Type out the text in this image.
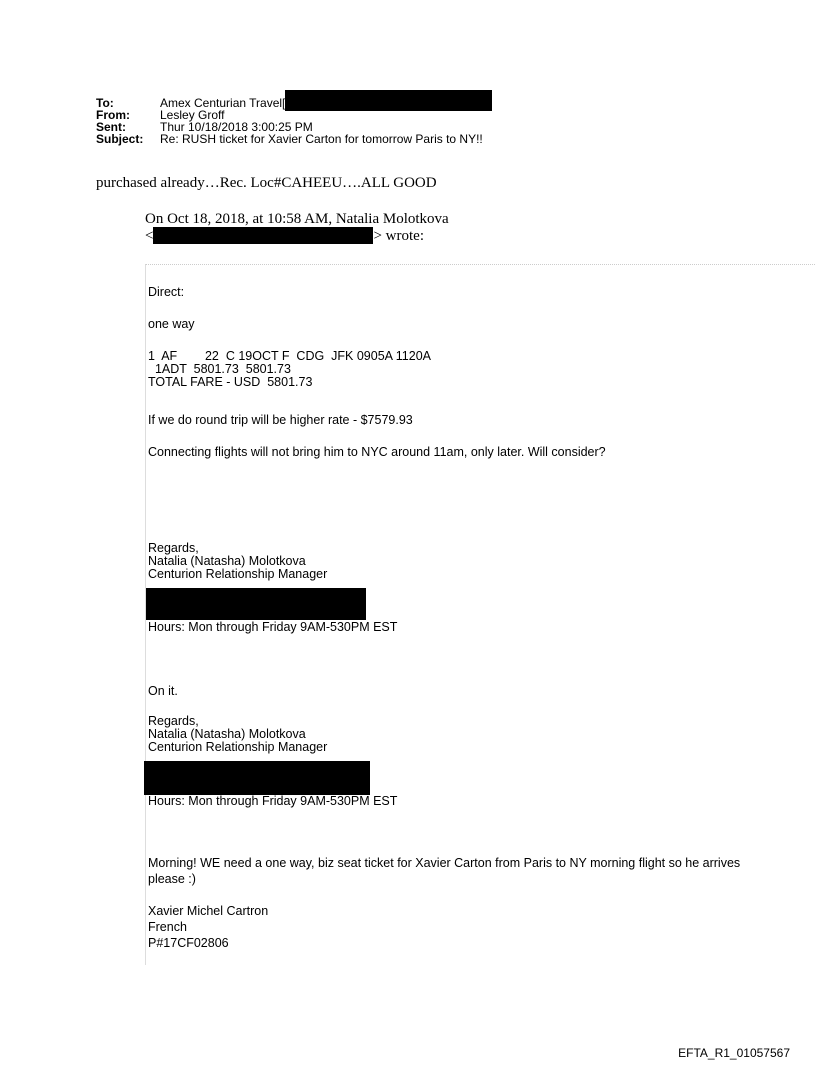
To:	Amex Centurian Travel[
From:	Lesley Groff
Sent:	Thur 10/18/2018 3:00:25 PM
Subject:	Re: RUSH ticket for Xavier Carton for tomorrow Paris to NY!!
purchased already…Rec. Loc#CAHEEU….ALL GOOD
On Oct 18, 2018, at 10:58 AM, Natalia Molotkova
<	> wrote:
Direct:
one way
1  AF        22  C 19OCT F  CDG  JFK 0905A 1120A
1ADT  5801.73  5801.73
TOTAL FARE - USD  5801.73
If we do round trip will be higher rate - $7579.93
Connecting flights will not bring him to NYC around 11am, only later. Will consider?
Regards,
Natalia (Natasha) Molotkova
Centurion Relationship Manager
Hours: Mon through Friday 9AM-530PM EST
On it.
Regards,
Natalia (Natasha) Molotkova
Centurion Relationship Manager
Hours: Mon through Friday 9AM-530PM EST
Morning! WE need a one way, biz seat ticket for Xavier Carton from Paris to NY morning flight so he arrives
please :)
Xavier Michel Cartron
French
P#17CF02806
EFTA_R1_01057567
